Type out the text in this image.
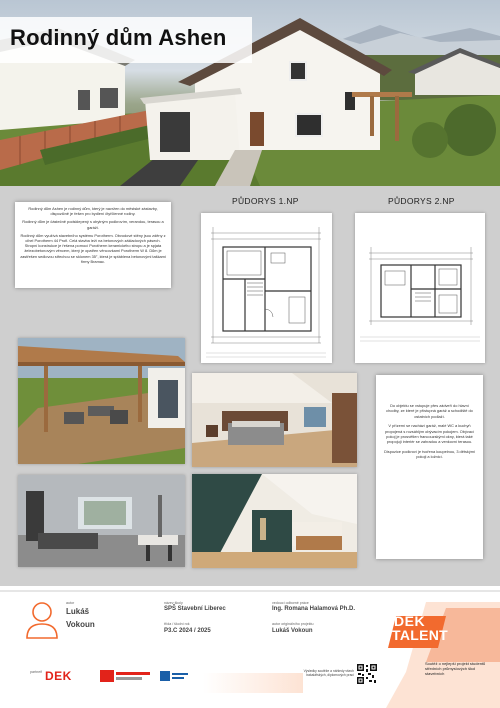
Rodinný dům Ashen

Rodinný dům Ashen je rodinný dům, který je navržen do městské zástavby, dispozičně je řešen pro bydlení čtyřčlenné rodiny.

Rodinný dům je částečně podsklepený s obytným podkrovím, verandou, terasou a garáží.

Rodinný dům využívá stavebního systému Porotherm. Obvodové stěny jsou zděny z cihel Porotherm 44 Profi. Celá stavba leží na betonových základových pásech. Stropní konstrukce je řešena pomocí Porotherm keramického stropu a je spjata železobetonovým věncem, který je opatřen věncovkami Porotherm W 8. Dům je zastřešen sedlovou střechou se sklonem 35°, která je sptáblena betonovými taškami firmy Bramac.

PŮDORYS 1.NP	PŮDORYS 2.NP

Do objektu se vstupuje přes zádveří do hlavní chodby, ze které je přístupná garáž a schodiště do ostatních podlaží.

V přízemí se nachází garáž, malé WC a kuchyň propojená s rozsáhlým obývacím pokojem. Obývací pokoj je prosvětlen francouzskými okny, která také propojují interiér se zahradou a venkovní terasou.

Dispozice podkroví je tvořena koupelnou, 3 dětskými pokoji a ložnicí.

autor
Lukáš
Vokoun
název školy
SPŠ Stavební Liberec
třída / školní rok
P3.C 2024 / 2025
vedoucí odborné práce
Ing. Romana Halamová Ph.D.
autor originálního projektu
Lukáš Vokoun
DEK
TALENT
Soutěž o nejlepší projekt studentů středních průmyslových škol stavebních
partneři DEK	Výsledky soutěže a náhledy všech
bakalářských, diplomových prací
